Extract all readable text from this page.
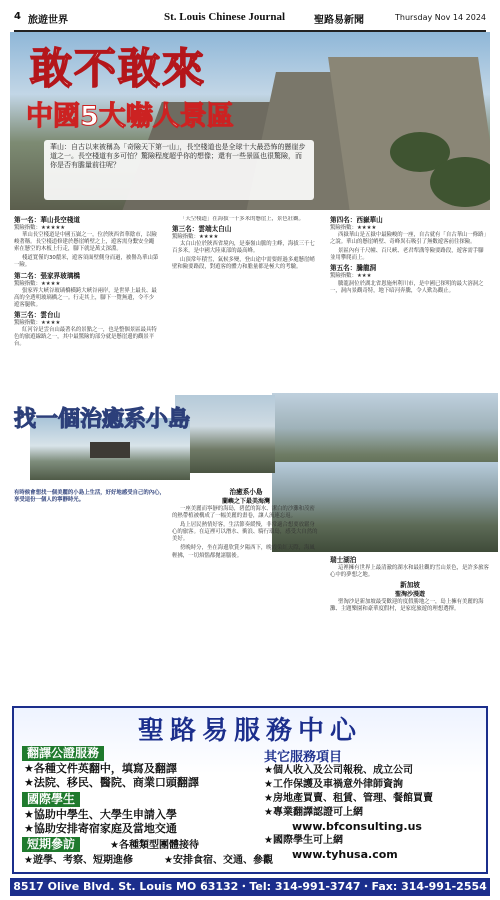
4 旅遊世界	St. Louis Chinese Journal	聖路易新聞	Thursday Nov 14 2024
敢不敢來
中國5大嚇人景區
華山：自古以來被稱為「奇險天下第一山」，長空棧道也是全球十大最恐怖的懸崖步道之一。長空棧道有多可怕？驚險程度超乎你的想像；還有一些景區也很驚險，而你是否有膽量前往呢？
第一名：華山長空棧道
驚險指數：★★★★★

華山長空棧道是中國五嶽之一，位於陝西省華陰市，以險峻著稱。長空棧道修建於懸崖峭壁之上，遊客需身繫安全繩索在懸空的木板上行走，腳下就是萬丈深淵。

棧道寬僅約30釐米，遊客須面壁側身而過，被譽為華山第一險。

第二名：張家界玻璃橋
驚險指數：★★★★

張家界大峽谷玻璃橋橫跨大峽谷兩岸，是世界上最長、最高的全透明玻璃橋之一。行走其上，腳下一覽無遺，令不少遊客腿軟。

第三名：雲台山
驚險指數：★★★★

紅河谷是雲台山最著名的景點之一，也是整個景區最具特色的旅遊線路之一，其中最驚險的部分就是懸崖邊的觀景平台。

「天空棧道」在海拔一千多米的懸崖上，景色壯觀。

第三名：雲端太白山
驚險指數：★★★★

太白山位於陝西省境內，是秦嶺山脈的主峰，海拔三千七百多米，是中國大陸東部的最高峰。

山頂常年積雪，氣候多變，登山途中需要經過多處懸崖峭壁和險要路段，對遊客的體力和膽量都是極大的考驗。

第四名：西嶽華山
驚險指數：★★★★

西嶽華山是五嶽中最險峻的一座，自古就有「自古華山一條路」之說。華山的懸崖峭壁、奇峰異石吸引了無數遊客前往探險。

景區內有千尺幢、百尺峽、老君犁溝等險要路段，遊客需手腳並用攀爬而上。

第五名：騰龍洞
驚險指數：★★★

騰龍洞位於湖北省恩施州利川市，是中國已探明的最大溶洞之一，洞內景觀奇特，地下暗河奔騰，令人歎為觀止。

找一個治癒系小島
有時候會想找一個美麗的小島上生活，好好地感受自己的內心，享受這份一個人的寧靜時光。
治癒系小島
蘭嶼之下最美海灣

一座美麗而寧靜的海島，碧藍的海水、潔白的沙灘和茂密的熱帶植被構成了一幅美麗的畫卷，讓人流連忘返。

島上居民熱情好客，生活節奏緩慢，非常適合想要放鬆身心的旅客。在這裡可以潛水、衝浪、騎行環島，感受大自然的美好。

傍晚時分，坐在海邊欣賞夕陽西下，晚霞染紅天際，海風輕拂，一切煩惱都拋諸腦後。

瑞士湖泊

這裡擁有世界上最清澈的湖水和最壯觀的雪山景色，是許多旅客心中的夢想之地。

新加坡
聖淘沙漫遊

聖淘沙是新加坡最受歡迎的度假勝地之一，島上擁有美麗的海灘、主題樂園和豪華度假村，是家庭旅遊的理想選擇。

聖路易服務中心
翻譯公證服務
★各種文件英翻中，填寫及翻譯
★法院、移民、醫院、商業口頭翻譯
國際學生
★協助中學生、大學生申請入學
★協助安排寄宿家庭及當地交通
短期參訪	★各種類型團體接待
★遊學、考察、短期進修	★安排食宿、交通、參觀
其它服務項目
★個人收入及公司報稅、成立公司
★工作保護及車禍意外律師資詢
★房地產買賣、租賃、管理、餐館買賣
★專業翻譯認證可上網
www.bfconsulting.us
★國際學生可上網
www.tyhusa.com
8517 Olive Blvd. St. Louis MO 63132・Tel: 314-991-3747・Fax: 314-991-2554
